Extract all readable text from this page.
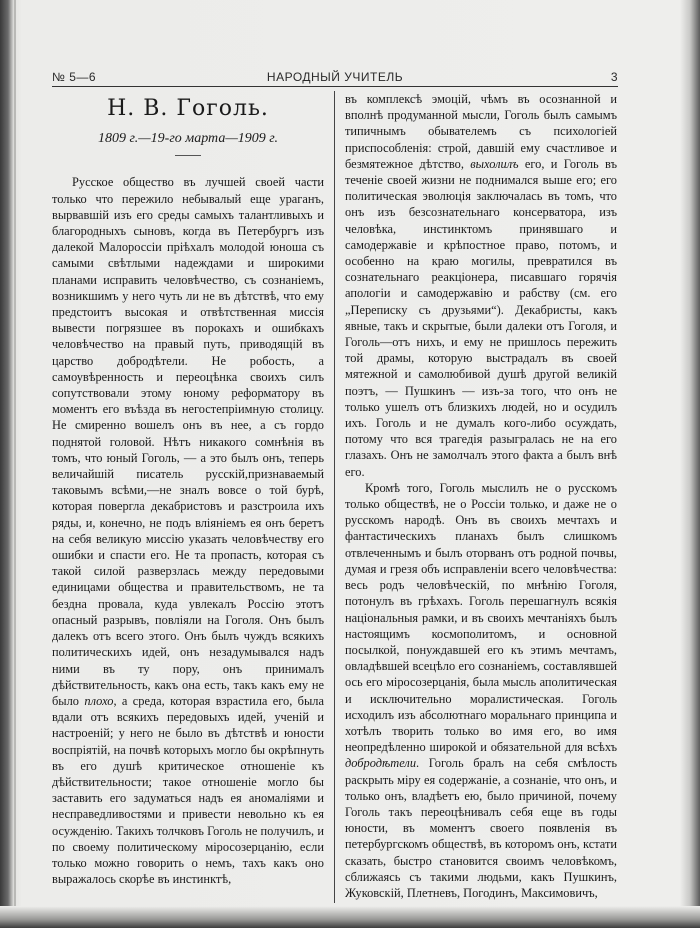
№ 5—6	НАРОДНЫЙ УЧИТЕЛЬ	3
Н. В. Гоголь.
1809 г.—19-го марта—1909 г.

Русское общество въ лучшей своей части только что пережило небывалый еще ураганъ, вырвавшій изъ его среды самыхъ талантливыхъ и благородныхъ сыновъ, когда въ Петербургъ изъ далекой Малороссіи пріѣхалъ молодой юноша съ самыми свѣтлыми надеждами и широкими планами исправить человѣчество, съ сознаніемъ, возникшимъ у него чуть ли не въ дѣтствѣ, что ему предстоитъ высокая и отвѣтственная миссія вывести погрязшее въ порокахъ и ошибкахъ человѣчество на правый путь, приводящій въ царство добродѣтели. Не робость, а самоувѣренность и переоцѣнка своихъ силъ сопутствовали этому юному реформатору въ моментъ его въѣзда въ негостепріимную столицу. Не смиренно вошелъ онъ въ нее, а съ гордо поднятой головой. Нѣтъ никакого сомнѣнія въ томъ, что юный Гоголь, — а это былъ онъ, теперь величайшій писатель русскій,признаваемый таковымъ всѣми,—не зналъ вовсе о той бурѣ, которая повергла декабристовъ и разстроила ихъ ряды, и, конечно, не подъ вліяніемъ ея онъ беретъ на себя великую миссію указать человѣчеству его ошибки и спасти его. Не та пропасть, которая съ такой силой разверзлась между передовыми единицами общества и правительствомъ, не та бездна провала, куда увлекалъ Россію этотъ опасный разрывъ, повліяли на Гоголя. Онъ былъ далекъ отъ всего этого. Онъ былъ чуждъ всякихъ политическихъ идей, онъ незадумывался надъ ними въ ту пору, онъ принималъ дѣйствительность, какъ она есть, такъ какъ ему не было плохо, а среда, которая взрастила его, была вдали отъ всякихъ передовыхъ идей, ученій и настроеній; у него не было въ дѣтствѣ и юности воспріятій, на почвѣ которыхъ могло бы окрѣпнуть въ его душѣ критическое отношеніе къ дѣйствительности; такое отношеніе могло бы заставить его задуматься надъ ея аномаліями и несправедливостями и привести невольно къ ея осужденію. Такихъ толчковъ Гоголь не получилъ, и по своему политическому міросозерцанію, если только можно говорить о немъ, тахъ какъ оно выражалось скорѣе въ инстинктѣ,

въ комплексѣ эмоцій, чѣмъ въ осознанной и вполнѣ продуманной мысли, Гоголь былъ самымъ типичнымъ обывателемъ съ психологіей приспособленія: строй, давшій ему счастливое и безмятежное дѣтство, выхолилъ его, и Гоголь въ теченіе своей жизни не поднимался выше его; его политическая эволюція заключалась въ томъ, что онъ изъ безсознательнаго консерватора, изъ человѣка, инстинктомъ принявшаго и самодержавіе и крѣпостное право, потомъ, и особенно на краю могилы, превратился въ сознательнаго реакціонера, писавшаго горячія апологіи и самодержавію и рабству (см. его „Переписку съ друзьями“). Декабристы, какъ явные, такъ и скрытые, были далеки отъ Гоголя, и Гоголь—отъ нихъ, и ему не пришлось пережить той драмы, которую выстрадалъ въ своей мятежной и самолюбивой душѣ другой великій поэтъ, — Пушкинъ — изъ-за того, что онъ не только ушелъ отъ близкихъ людей, но и осудилъ ихъ. Гоголь и не думалъ кого-либо осуждать, потому что вся трагедія разыгралась не на его глазахъ. Онъ не замолчалъ этого факта а былъ внѣ его.

Кромѣ того, Гоголь мыслилъ не о русскомъ только обществѣ, не о Россіи только, и даже не о русскомъ народѣ. Онъ въ своихъ мечтахъ и фантастическихъ планахъ былъ слишкомъ отвлеченнымъ и былъ оторванъ отъ родной почвы, думая и грезя объ исправленіи всего человѣчества: весь родъ человѣческій, по мнѣнію Гоголя, потонулъ въ грѣхахъ. Гоголь перешагнулъ всякія національныя рамки, и въ своихъ мечтаніяхъ былъ настоящимъ космополитомъ, и основной посылкой, понуждавшей его къ этимъ мечтамъ, овладѣвшей всецѣло его сознаніемъ, составлявшей ось его міросозерцанія, была мысль аполитическая и исключительно моралистическая. Гоголь исходилъ изъ абсолютнаго моральнаго принципа и хотѣлъ творить только во имя его, во имя неопредѣленно широкой и обязательной для всѣхъ добродѣтели. Гоголь бралъ на себя смѣлость раскрыть міру ея содержаніе, а сознаніе, что онъ, и только онъ, владѣетъ ею, было причиной, почему Гоголь такъ переоцѣнивалъ себя еще въ годы юности, въ моментъ своего появленія въ петербургскомъ обществѣ, въ которомъ онъ, кстати сказать, быстро становится своимъ человѣкомъ, сближаясь съ такими людьми, какъ Пушкинъ, Жуковскій, Плетневъ, Погодинъ, Максимовичъ,
